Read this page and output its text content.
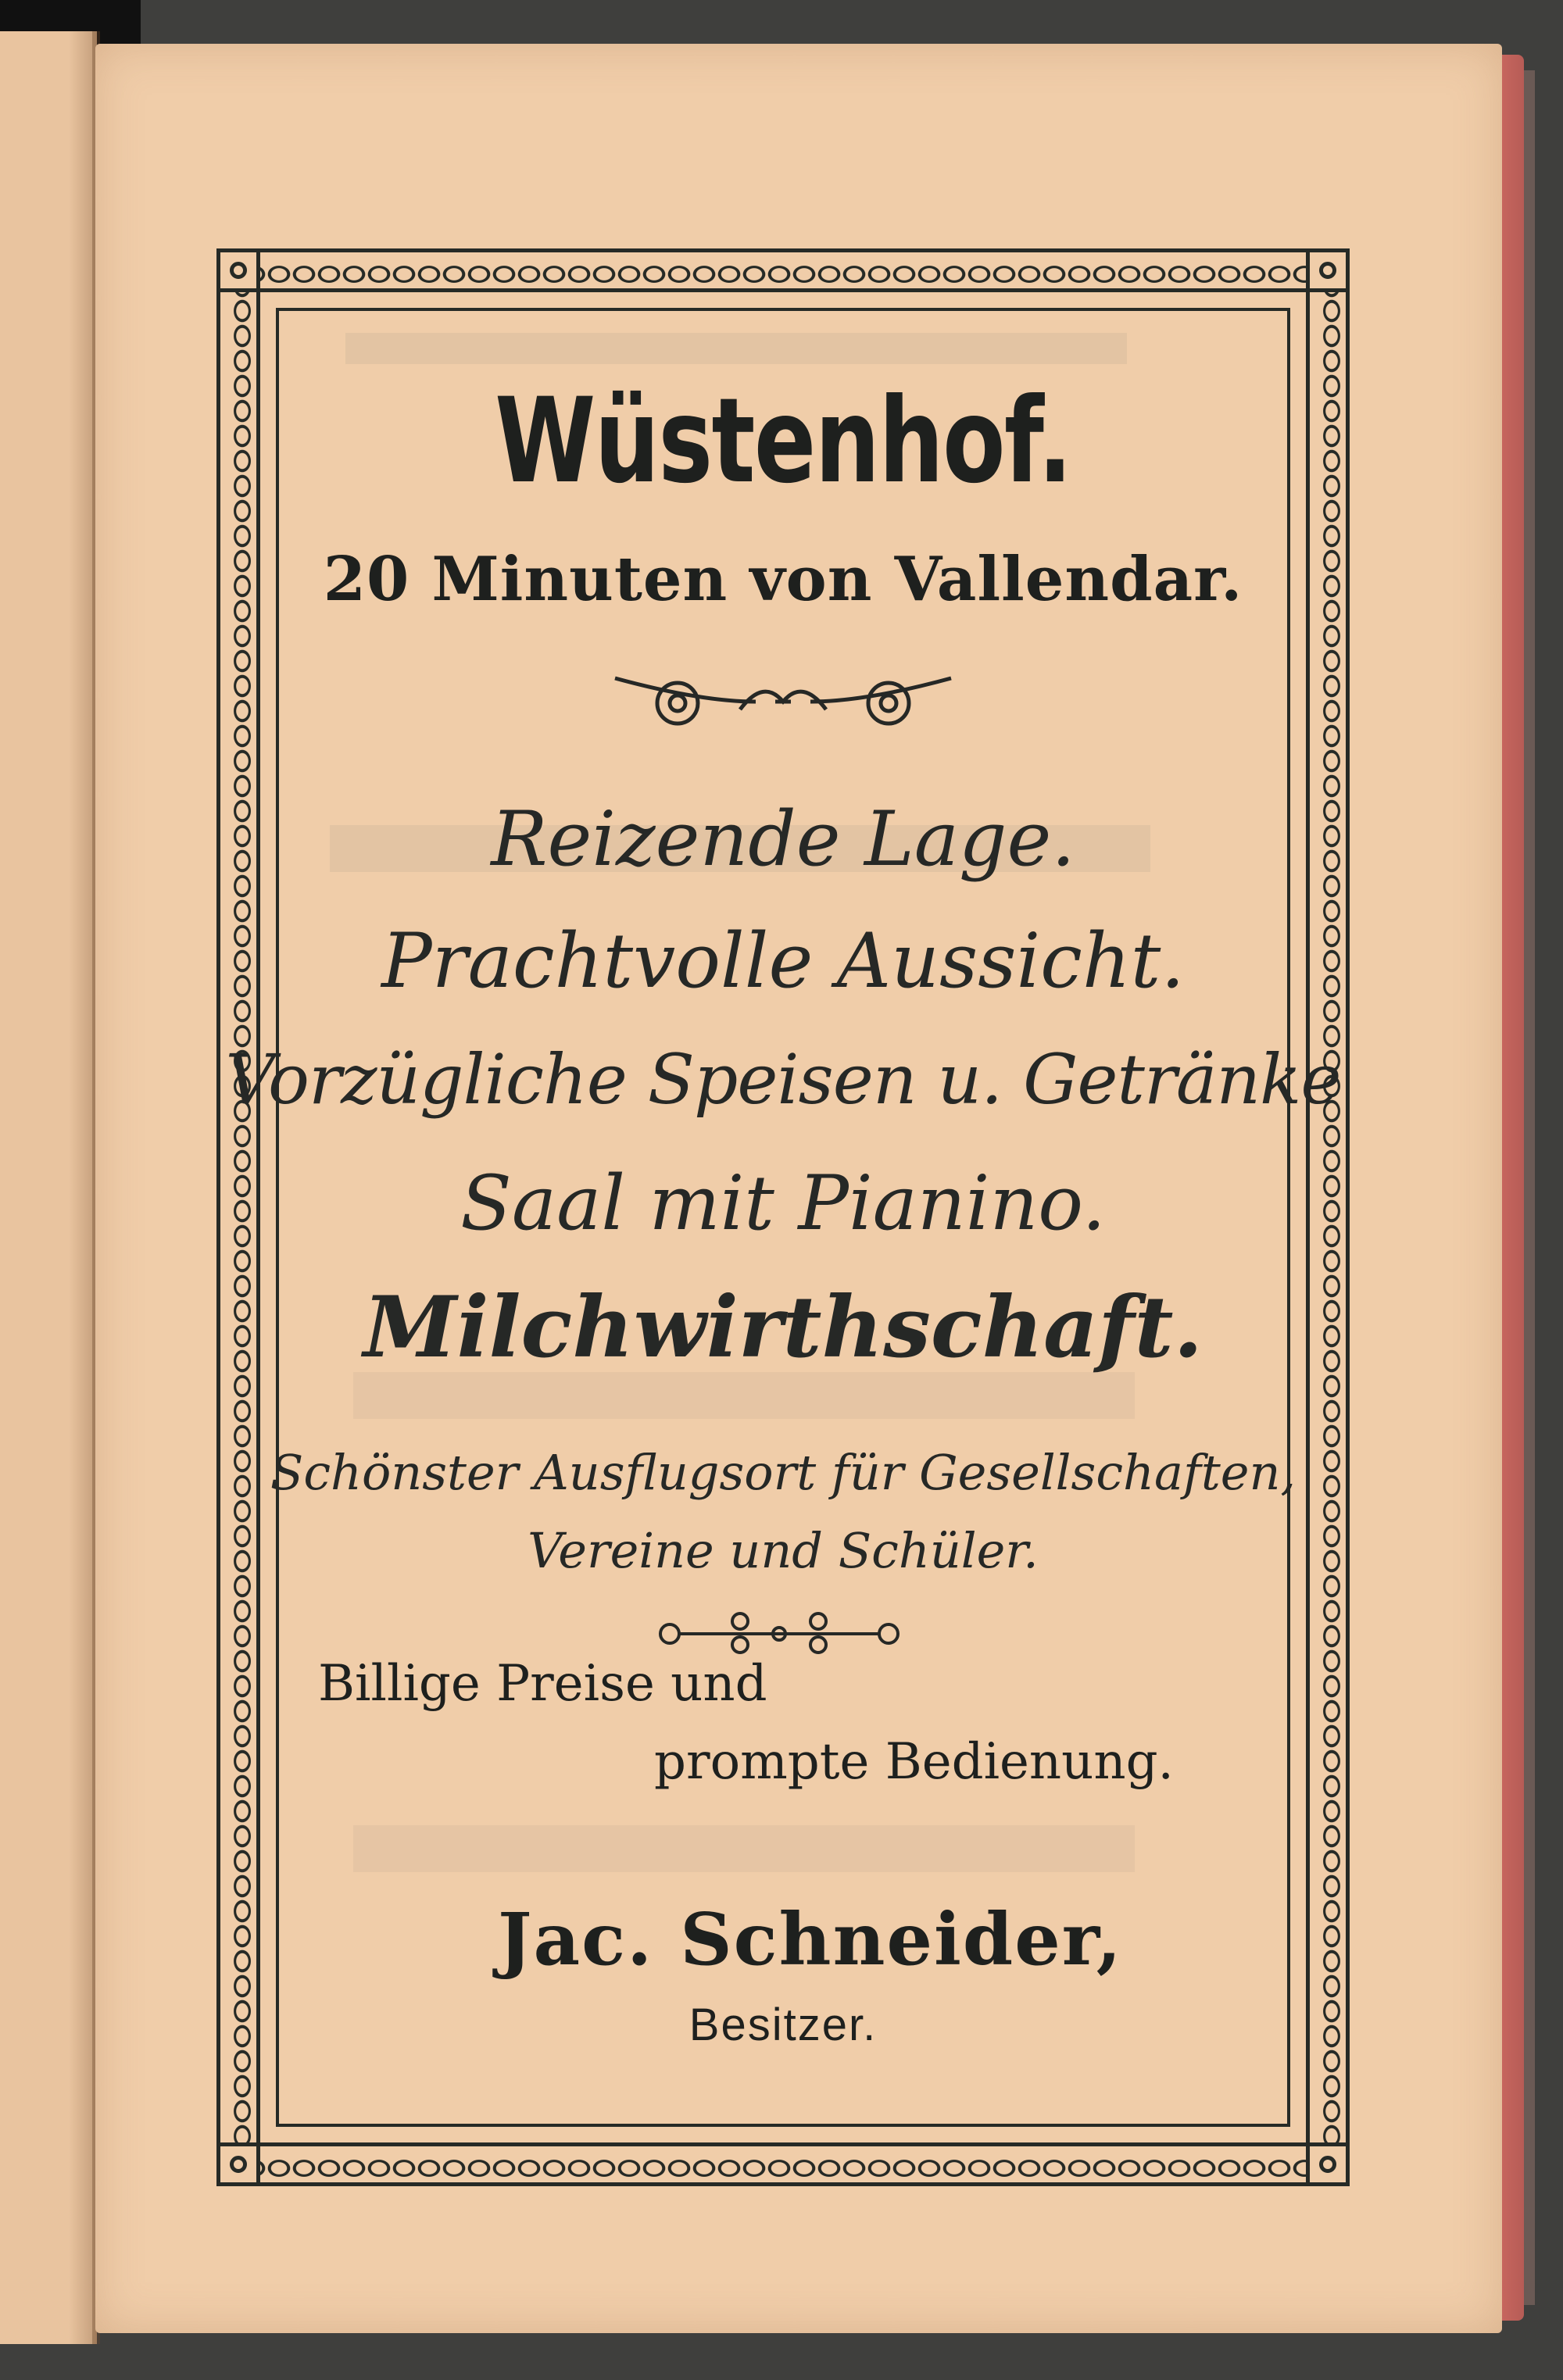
Wüstenhof.
20 Minuten von Vallendar.
Reizende Lage.
Prachtvolle Aussicht.
Vorzügliche Speisen u. Getränke
Saal mit Pianino.
Milchwirthschaft.
Schönster Ausflugsort für Gesellschaften,
Vereine und Schüler.
Billige Preise und
prompte Bedienung.
Jac. Schneider,
Besitzer.
